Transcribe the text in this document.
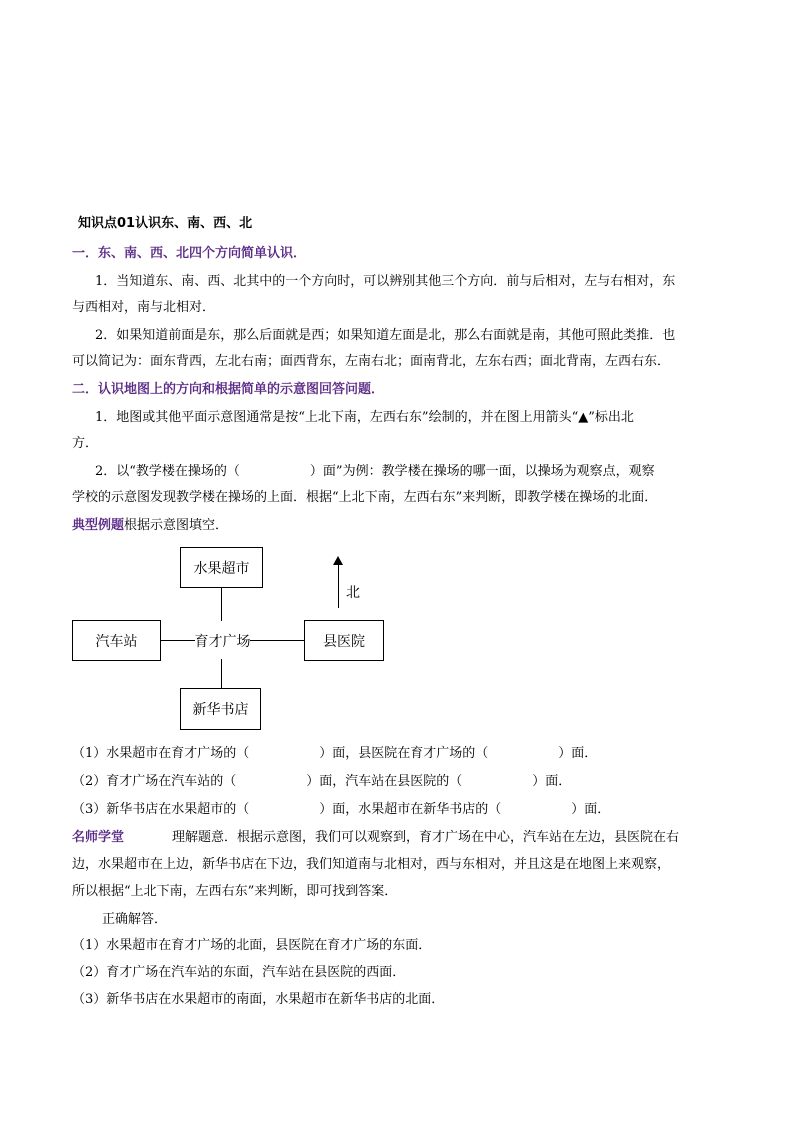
知识点01认识东、南、西、北
一．东、南、西、北四个方向简单认识．
1．当知道东、南、西、北其中的一个方向时，可以辨别其他三个方向．前与后相对，左与右相对，东
与西相对，南与北相对．
2．如果知道前面是东，那么后面就是西；如果知道左面是北，那么右面就是南，其他可照此类推．也
可以简记为：面东背西，左北右南；面西背东，左南右北；面南背北，左东右西；面北背南，左西右东．
二．认识地图上的方向和根据简单的示意图回答问题．
1．地图或其他平面示意图通常是按“上北下南，左西右东”绘制的，并在图上用箭头“▲”标出北
方．
2．以“教学楼在操场的（	）面”为例：教学楼在操场的哪一面，以操场为观察点，观察
学校的示意图发现教学楼在操场的上面．根据“上北下南，左西右东”来判断，即教学楼在操场的北面．
典型例题根据示意图填空．
水果超市
汽车站	育才广场	县医院
新华书店
北
（1）水果超市在育才广场的（	）面，县医院在育才广场的（	）面．
（2）育才广场在汽车站的（	）面，汽车站在县医院的（	）面．
（3）新华书店在水果超市的（	）面，水果超市在新华书店的（	）面．
名师学堂	理解题意．根据示意图，我们可以观察到，育才广场在中心，汽车站在左边，县医院在右
边，水果超市在上边，新华书店在下边，我们知道南与北相对，西与东相对，并且这是在地图上来观察，
所以根据“上北下南，左西右东”来判断，即可找到答案．
正确解答．
（1）水果超市在育才广场的北面，县医院在育才广场的东面．
（2）育才广场在汽车站的东面，汽车站在县医院的西面．
（3）新华书店在水果超市的南面，水果超市在新华书店的北面．
